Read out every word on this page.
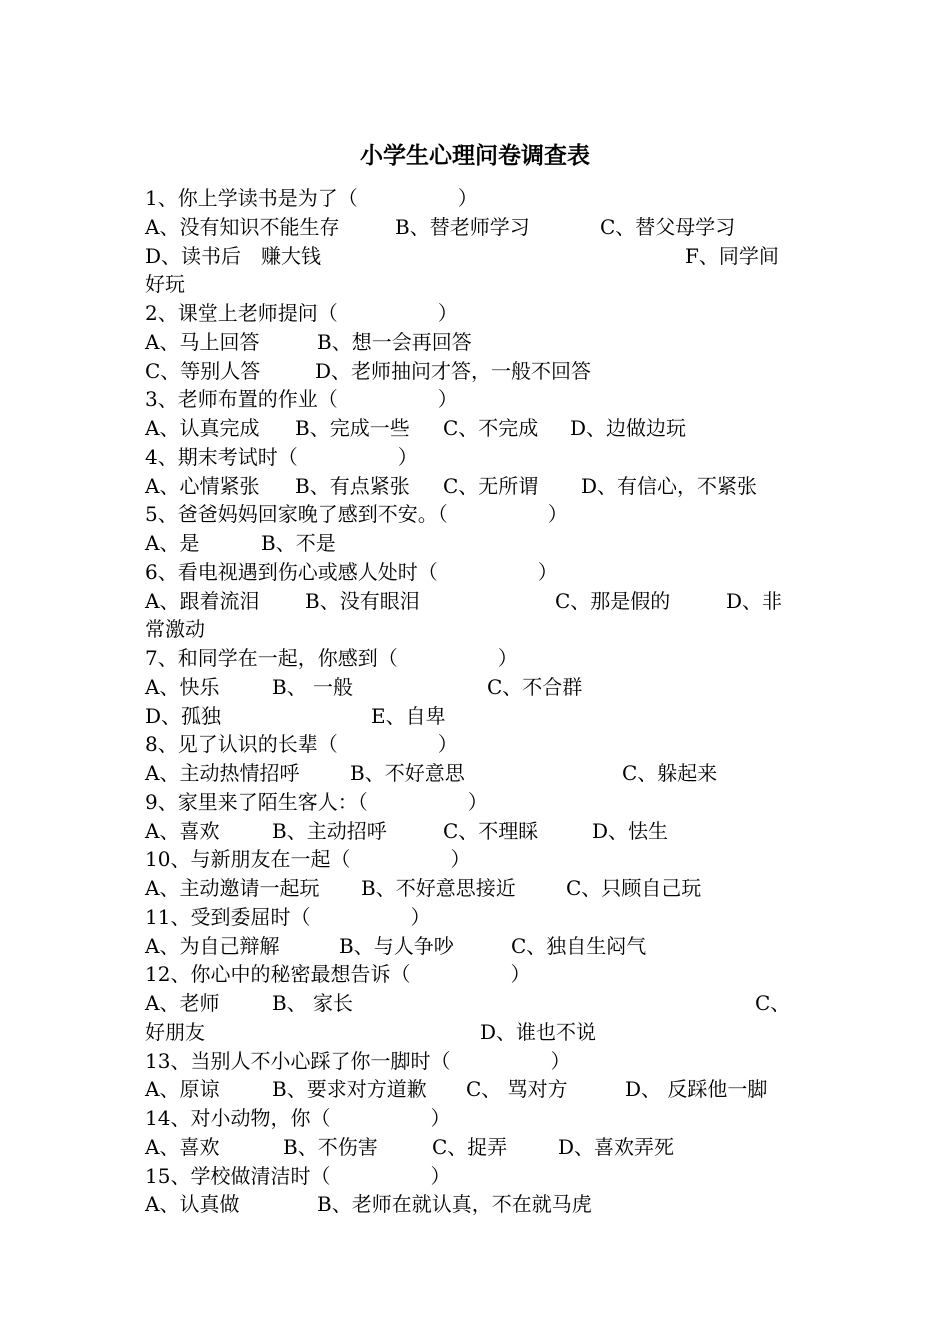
小学生心理问卷调查表
1、你上学读书是为了（　　　　　）
A、没有知识不能生存	B、替老师学习	C、替父母学习
D、读书后　赚大钱	F、同学间
好玩
2、课堂上老师提问（　　　　　）
A、马上回答	B、想一会再回答
C、等别人答	D、老师抽问才答，一般不回答
3、老师布置的作业（　　　　　）
A、认真完成 B、完成一些 C、不完成 D、边做边玩
4、期末考试时（　　　　　）
A、心情紧张 B、有点紧张 C、无所谓 D、有信心，不紧张
5、爸爸妈妈回家晚了感到不安。（　　　　　）
A、是	B、不是
6、看电视遇到伤心或感人处时（　　　　　）
A、跟着流泪 B、没有眼泪	C、那是假的	D、非
常激动
7、和同学在一起，你感到（　　　　　）
A、快乐	B、 一般	C、不合群
D、孤独	E、自卑
8、见了认识的长辈（　　　　　）
A、主动热情招呼	B、不好意思	C、躲起来
9、家里来了陌生客人：（　　　　　）
A、喜欢	B、主动招呼	C、不理睬	D、怯生
10、与新朋友在一起（　　　　　）
A、主动邀请一起玩 B、不好意思接近	C、只顾自己玩
11、受到委屈时（　　　　　）
A、为自己辩解	B、与人争吵	C、独自生闷气
12、你心中的秘密最想告诉（　　　　　）
A、老师	B、 家长	C、
好朋友	D、谁也不说
13、当别人不小心踩了你一脚时（　　　　　）
A、原谅	B、要求对方道歉 C、 骂对方	D、 反踩他一脚
14、对小动物，你（　　　　　）
A、喜欢	B、不伤害	C、捉弄	D、喜欢弄死
15、学校做清洁时（　　　　　）
A、认真做	B、老师在就认真，不在就马虎
